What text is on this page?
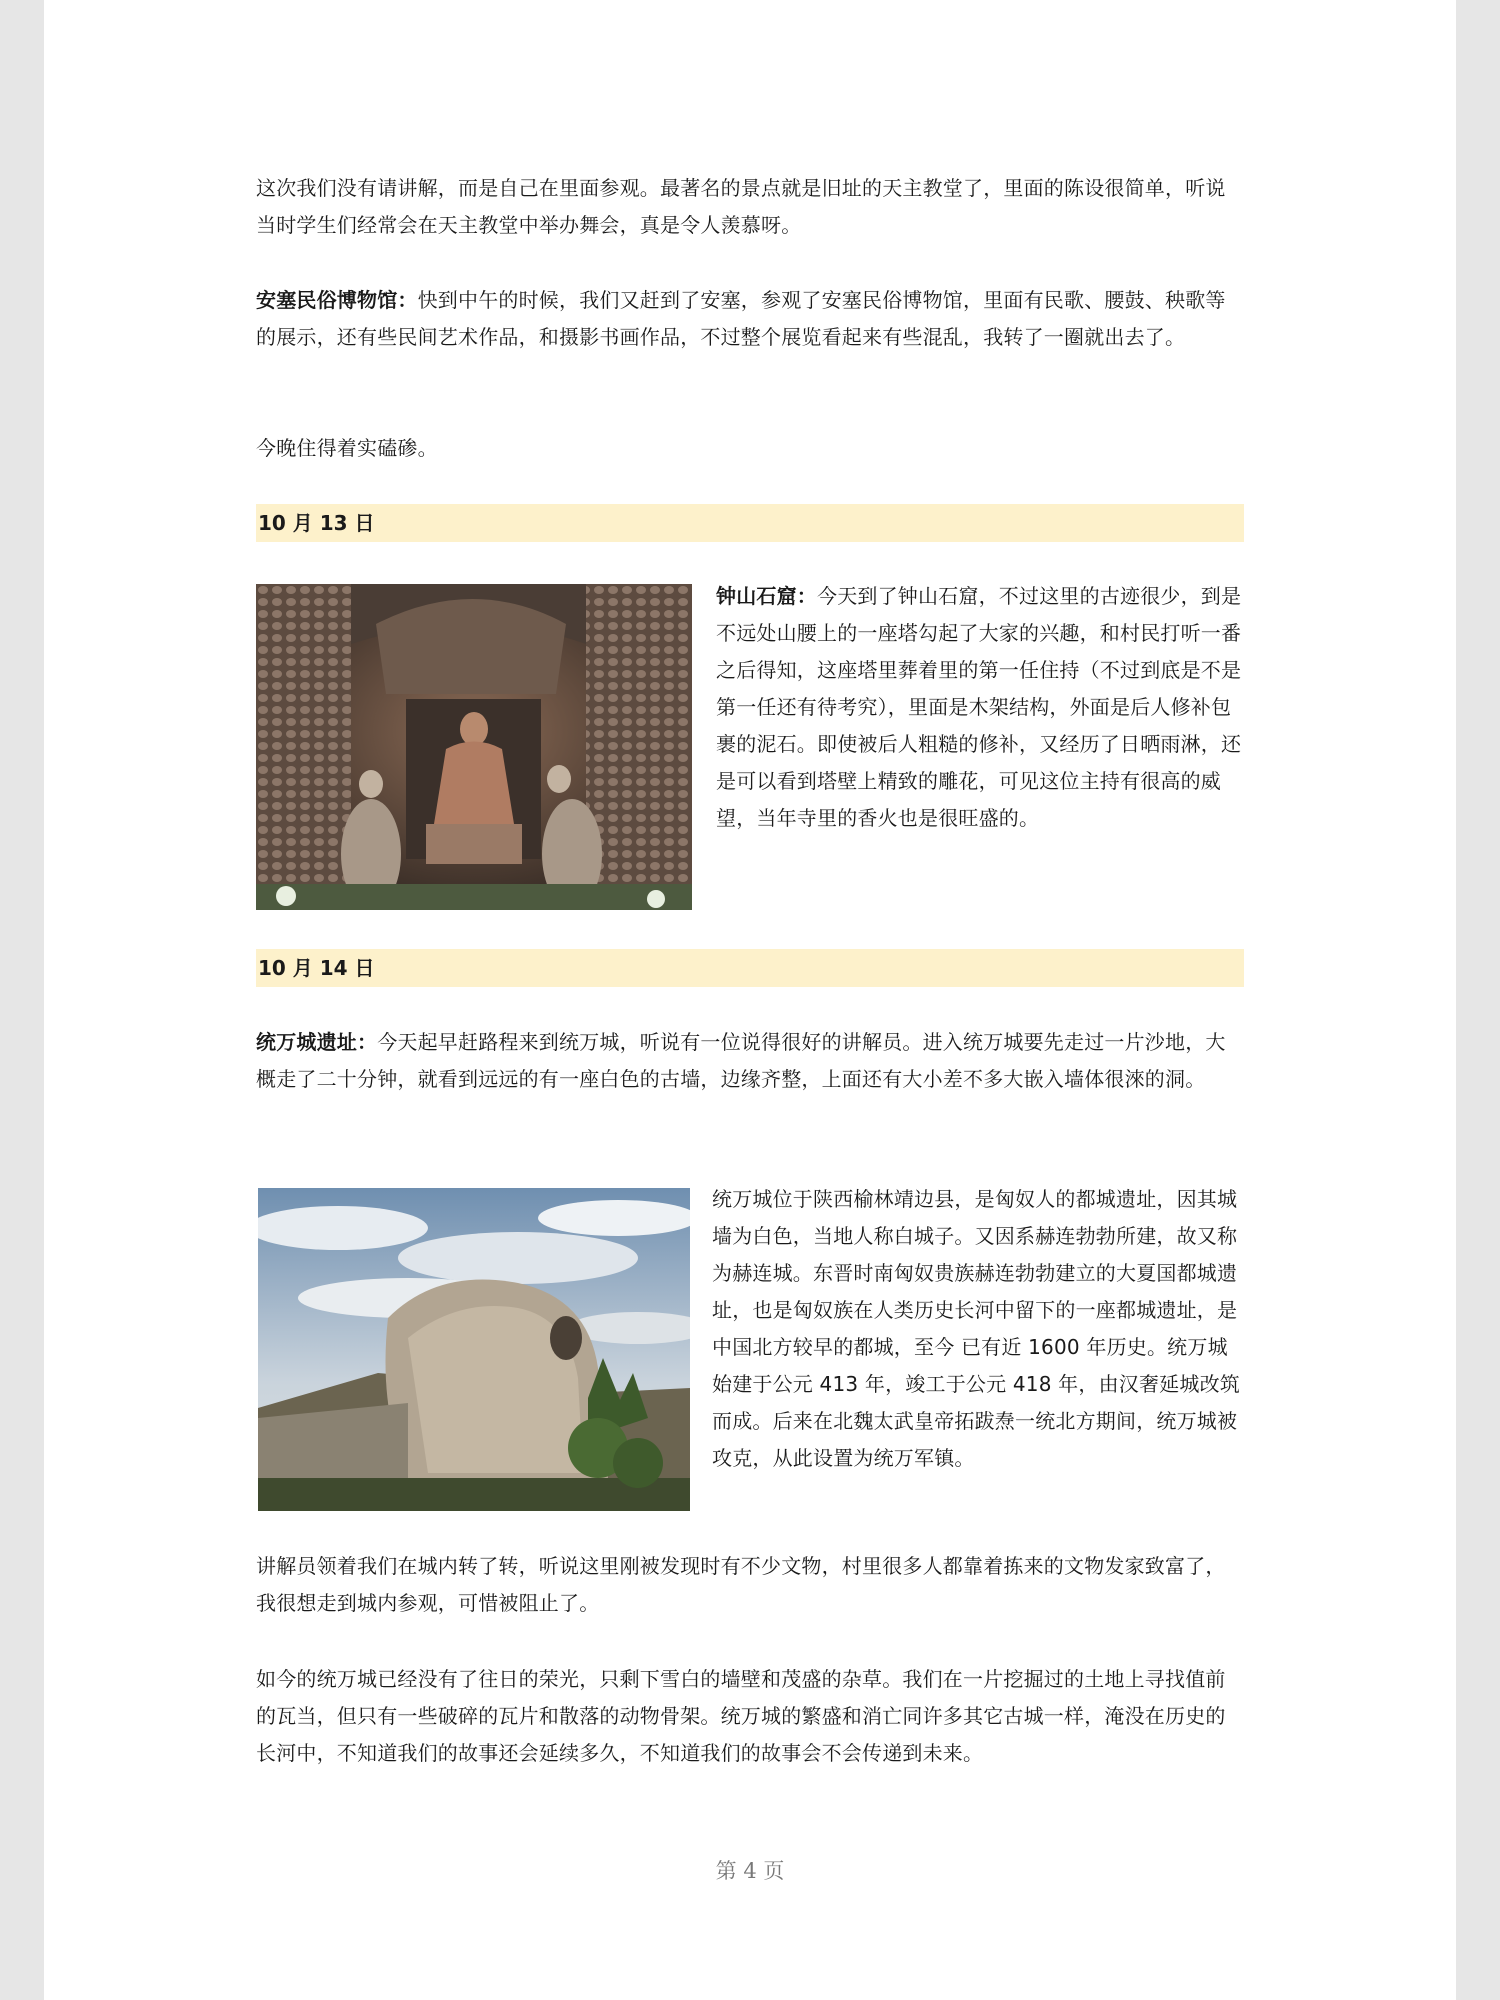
这次我们没有请讲解，而是自己在里面参观。最著名的景点就是旧址的天主教堂了，里面的陈设很简单，听说当时学生们经常会在天主教堂中举办舞会，真是令人羡慕呀。

安塞民俗博物馆：快到中午的时候，我们又赶到了安塞，参观了安塞民俗博物馆，里面有民歌、腰鼓、秧歌等的展示，还有些民间艺术作品，和摄影书画作品，不过整个展览看起来有些混乱，我转了一圈就出去了。

今晚住得着实磕碜。

10 月 13 日

钟山石窟：今天到了钟山石窟，不过这里的古迹很少，到是不远处山腰上的一座塔勾起了大家的兴趣，和村民打听一番之后得知，这座塔里葬着里的第一任住持（不过到底是不是第一任还有待考究），里面是木架结构，外面是后人修补包裹的泥石。即使被后人粗糙的修补，又经历了日晒雨淋，还是可以看到塔壁上精致的雕花，可见这位主持有很高的威望，当年寺里的香火也是很旺盛的。

10 月 14 日

统万城遗址：今天起早赶路程来到统万城，听说有一位说得很好的讲解员。进入统万城要先走过一片沙地，大概走了二十分钟，就看到远远的有一座白色的古墙，边缘齐整，上面还有大小差不多大嵌入墙体很淶的洞。

统万城位于陕西榆林靖边县，是匈奴人的都城遗址，因其城墙为白色，当地人称白城子。又因系赫连勃勃所建，故又称为赫连城。东晋时南匈奴贵族赫连勃勃建立的大夏国都城遗址，也是匈奴族在人类历史长河中留下的一座都城遗址，是中国北方较早的都城，至今 已有近 1600 年历史。统万城始建于公元 413 年，竣工于公元 418 年，由汉奢延城改筑而成。后来在北魏太武皇帝拓跋焘一统北方期间，统万城被攻克，从此设置为统万军镇。

讲解员领着我们在城内转了转，听说这里刚被发现时有不少文物，村里很多人都靠着拣来的文物发家致富了，我很想走到城内参观，可惜被阻止了。

如今的统万城已经没有了往日的荣光，只剩下雪白的墙壁和茂盛的杂草。我们在一片挖掘过的土地上寻找值前的瓦当，但只有一些破碎的瓦片和散落的动物骨架。统万城的繁盛和消亡同许多其它古城一样，淹没在历史的长河中，不知道我们的故事还会延续多久，不知道我们的故事会不会传递到未来。

第 4 页
